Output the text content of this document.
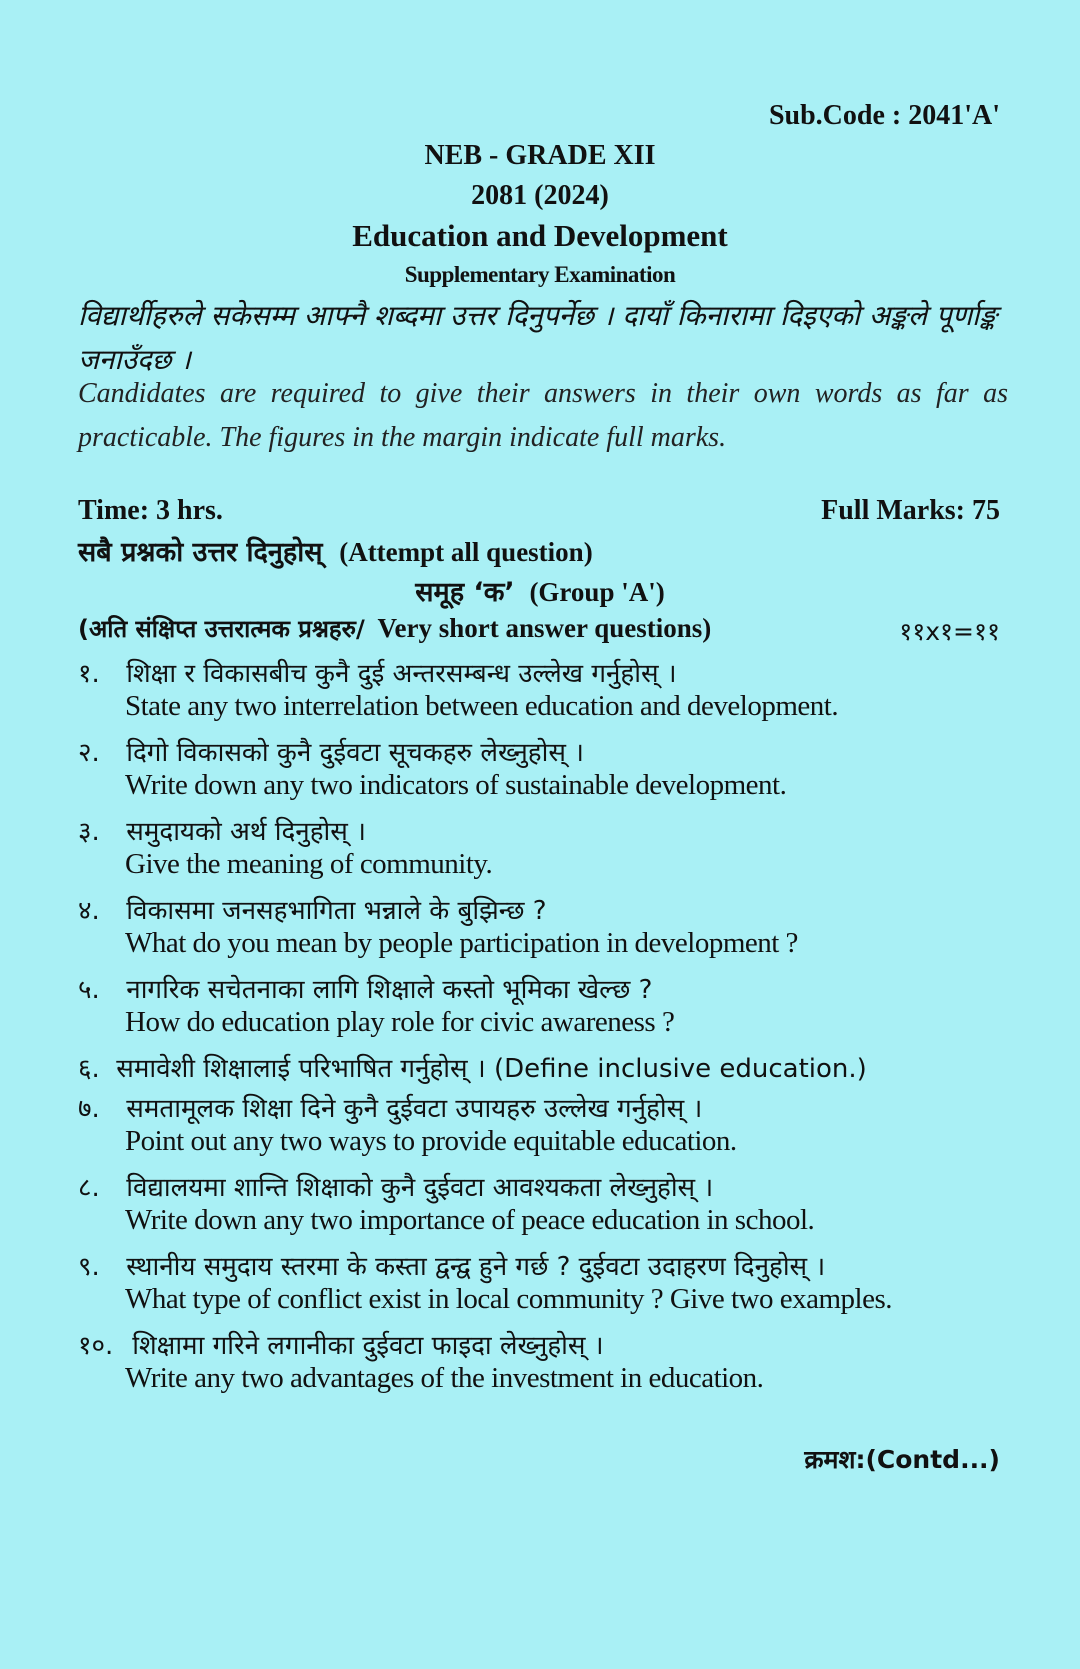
Sub.Code : 2041'A'
NEB - GRADE XII
2081 (2024)
Education and Development
Supplementary Examination
विद्यार्थीहरुले सकेसम्म आफ्नै शब्दमा उत्तर दिनुपर्नेछ । दायाँ किनारामा दिइएको अङ्कले पूर्णाङ्क जनाउँदछ ।
Candidates are required to give their answers in their own words as far as practicable. The figures in the margin indicate full marks.
Time: 3 hrs.	Full Marks: 75
सबै प्रश्नको उत्तर दिनुहोस् (Attempt all question)
समूह ‘क’ (Group 'A')
(अति संक्षिप्त उत्तरात्मक प्रश्नहरु/ Very short answer questions)	११x१=११
१. शिक्षा र विकासबीच कुनै दुई अन्तरसम्बन्ध उल्लेख गर्नुहोस् ।
State any two interrelation between education and development.
२. दिगो विकासको कुनै दुईवटा सूचकहरु लेख्नुहोस् ।
Write down any two indicators of sustainable development.
३. समुदायको अर्थ दिनुहोस् ।
Give the meaning of community.
४. विकासमा जनसहभागिता भन्नाले के बुझिन्छ ?
What do you mean by people participation in development ?
५. नागरिक सचेतनाका लागि शिक्षाले कस्तो भूमिका खेल्छ ?
How do education play role for civic awareness ?
६. समावेशी शिक्षालाई परिभाषित गर्नुहोस् । (Define inclusive education.)
७. समतामूलक शिक्षा दिने कुनै दुईवटा उपायहरु उल्लेख गर्नुहोस् ।
Point out any two ways to provide equitable education.
८. विद्यालयमा शान्ति शिक्षाको कुनै दुईवटा आवश्यकता लेख्नुहोस् ।
Write down any two importance of peace education in school.
९. स्थानीय समुदाय स्तरमा के कस्ता द्वन्द्व हुने गर्छ ? दुईवटा उदाहरण दिनुहोस् ।
What type of conflict exist in local community ? Give two examples.
१०. शिक्षामा गरिने लगानीका दुईवटा फाइदा लेख्नुहोस् ।
Write any two advantages of the investment in education.
क्रमश:(Contd...)
